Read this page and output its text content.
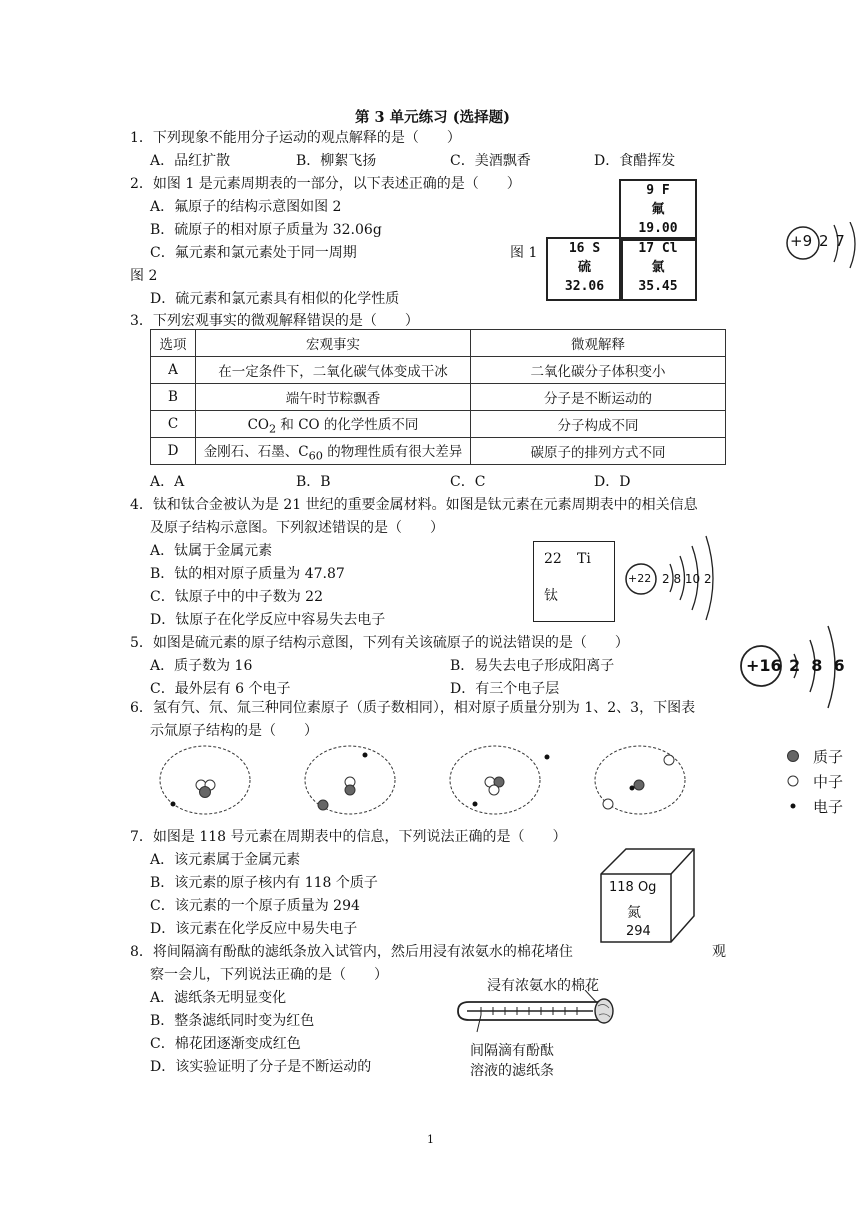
第 3 单元练习 (选择题)
1．下列现象不能用分子运动的观点解释的是（　　）
A．品红扩散	B．柳絮飞扬	C．美酒飘香	D．食醋挥发
2．如图 1 是元素周期表的一部分，以下表述正确的是（　　）
A．氟原子的结构示意图如图 2
B．硫原子的相对原子质量为 32.06g
C．氟元素和氯元素处于同一周期	图 1
图 2
D．硫元素和氯元素具有相似的化学性质
9 F
氟
19.00
16 S
硫
32.06
17 Cl
氯
35.45
+9 2 7
3．下列宏观事实的微观解释错误的是（　　）
选项	宏观事实	微观解释
A	在一定条件下，二氧化碳气体变成干冰	二氧化碳分子体积变小
B	端午时节粽飘香	分子是不断运动的
C	$CO_2$ 和 CO 的化学性质不同	分子构成不同
D	金刚石、石墨、$C_{60}$ 的物理性质有很大差异	碳原子的排列方式不同
A．A	B．B	C．C	D．D
4．钛和钛合金被认为是 21 世纪的重要金属材料。如图是钛元素在元素周期表中的相关信息
及原子结构示意图。下列叙述错误的是（　　）
A．钛属于金属元素
B．钛的相对原子质量为 47.87
C．钛原子中的中子数为 22
D．钛原子在化学反应中容易失去电子
22 Ti
钛
+22 2 8 10 2
5．如图是硫元素的原子结构示意图，下列有关该硫原子的说法错误的是（　　）
A．质子数为 16	B．易失去电子形成阳离子
C．最外层有 6 个电子	D．有三个电子层
+16 2  8  6
6．氢有氕、氘、氚三种同位素原子（质子数相同），相对原子质量分别为 1、2、3，下图表
示氚原子结构的是（　　）
质子
中子
电子
7．如图是 118 号元素在周期表中的信息，下列说法正确的是（　　）
A．该元素属于金属元素
B．该元素的原子核内有 118 个质子
C．该元素的一个原子质量为 294
D．该元素在化学反应中易失电子
118 Og
氮
294
8．将间隔滴有酚酞的滤纸条放入试管内，然后用浸有浓氨水的棉花堵住	观
察一会儿，下列说法正确的是（　　）
A．滤纸条无明显变化
B．整条滤纸同时变为红色
C．棉花团逐渐变成红色
D．该实验证明了分子是不断运动的
浸有浓氨水的棉花
间隔滴有酚酞
溶液的滤纸条
1
